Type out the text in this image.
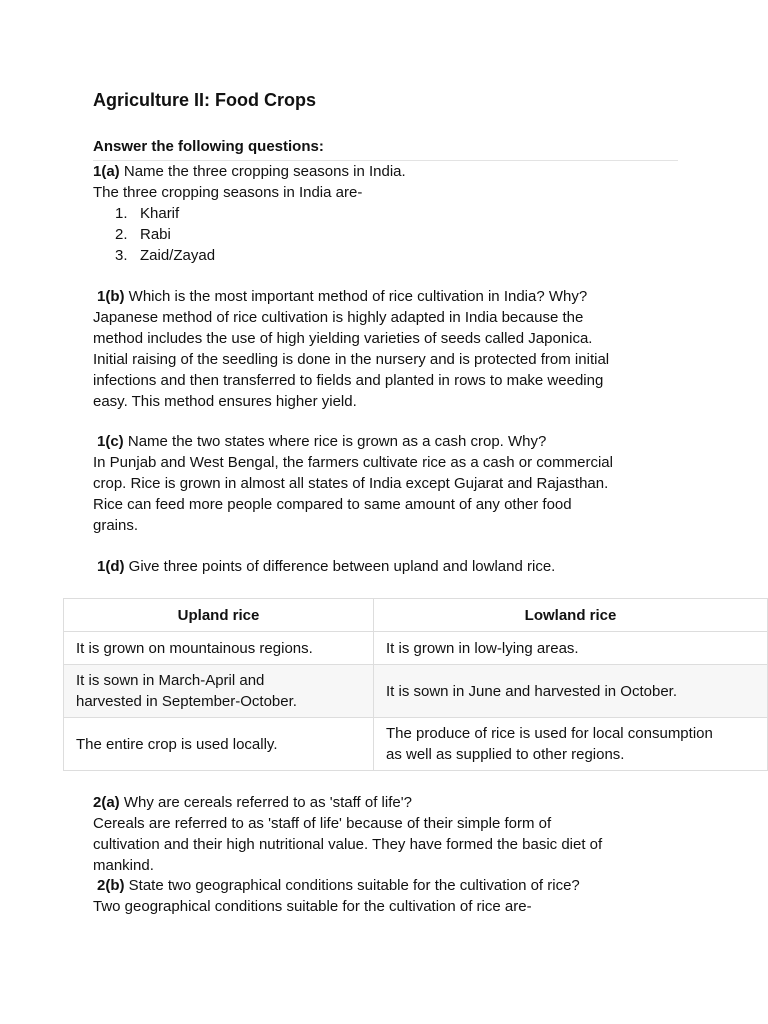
Agriculture II: Food Crops

Answer the following questions:

1(a) Name the three cropping seasons in India.

The three cropping seasons in India are-

1. Kharif
2. Rabi
3. Zaid/Zayad

1(b) Which is the most important method of rice cultivation in India? Why?

Japanese method of rice cultivation is highly adapted in India because the

method includes the use of high yielding varieties of seeds called Japonica.

Initial raising of the seedling is done in the nursery and is protected from initial

infections and then transferred to fields and planted in rows to make weeding

easy. This method ensures higher yield.

1(c) Name the two states where rice is grown as a cash crop. Why?

In Punjab and West Bengal, the farmers cultivate rice as a cash or commercial

crop. Rice is grown in almost all states of India except Gujarat and Rajasthan.

Rice can feed more people compared to same amount of any other food

grains.

1(d) Give three points of difference between upland and lowland rice.

Upland rice	Lowland rice
It is grown on mountainous regions.	It is grown in low-lying areas.
It is sown in March-April and
harvested in September-October.	It is sown in June and harvested in October.
The entire crop is used locally.	The produce of rice is used for local consumption
as well as supplied to other regions.

2(a) Why are cereals referred to as 'staff of life'?

Cereals are referred to as 'staff of life' because of their simple form of

cultivation and their high nutritional value. They have formed the basic diet of

mankind.

2(b) State two geographical conditions suitable for the cultivation of rice?

Two geographical conditions suitable for the cultivation of rice are-
